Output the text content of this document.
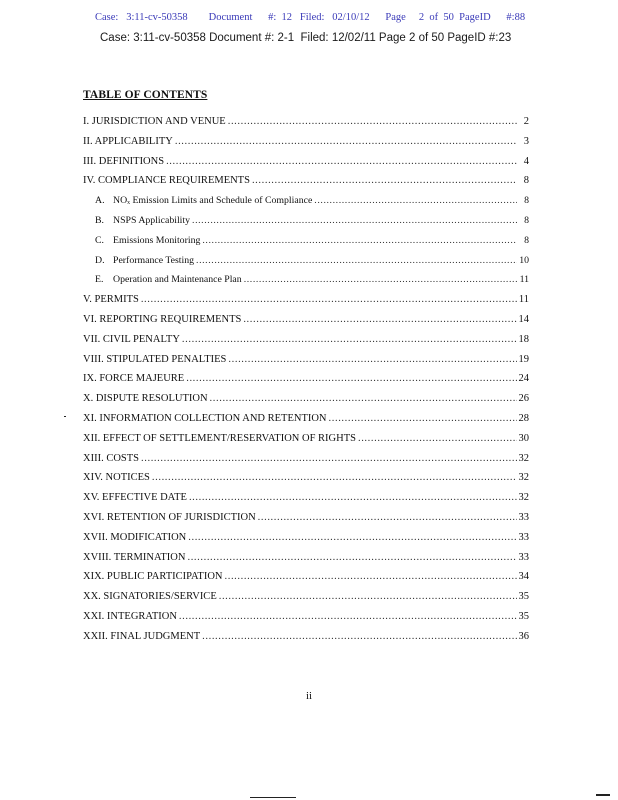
Case:   3:11-cv-50358        Document      #:  12   Filed:   02/10/12      Page     2  of  50  PageID      #:88
Case: 3:11-cv-50358 Document #: 2-1  Filed: 12/02/11 Page 2 of 50 PageID #:23
TABLE OF CONTENTS
I. JURISDICTION AND VENUE .....	2
II. APPLICABILITY .....	3
III. DEFINITIONS .....	4
IV. COMPLIANCE REQUIREMENTS .....	8
A. NOₓ Emission Limits and Schedule of Compliance .....	8
B. NSPS Applicability .....	8
C. Emissions Monitoring .....	8
D. Performance Testing .....	10
E. Operation and Maintenance Plan .....	11
V. PERMITS .....	11
VI. REPORTING REQUIREMENTS .....	14
VII. CIVIL PENALTY .....	18
VIII. STIPULATED PENALTIES .....	19
IX. FORCE MAJEURE .....	24
X. DISPUTE RESOLUTION .....	26
XI. INFORMATION COLLECTION AND RETENTION .....	28
XII. EFFECT OF SETTLEMENT/RESERVATION OF RIGHTS .....	30
XIII. COSTS .....	32
XIV. NOTICES .....	32
XV. EFFECTIVE DATE .....	32
XVI. RETENTION OF JURISDICTION .....	33
XVII. MODIFICATION .....	33
XVIII. TERMINATION .....	33
XIX. PUBLIC PARTICIPATION .....	34
XX. SIGNATORIES/SERVICE .....	35
XXI. INTEGRATION .....	35
XXII. FINAL JUDGMENT .....	36
ii
